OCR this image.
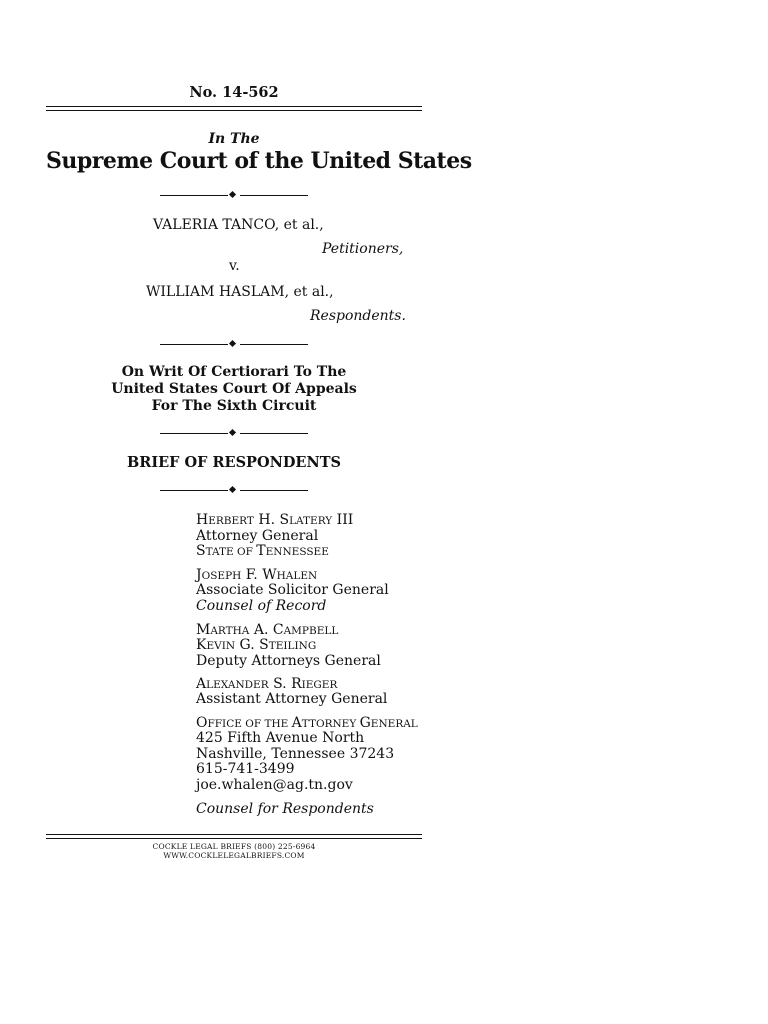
No. 14-562
In The
Supreme Court of the United States
VALERIA TANCO, et al.,
Petitioners,
v.
WILLIAM HASLAM, et al.,
Respondents.
On Writ Of Certiorari To The
United States Court Of Appeals
For The Sixth Circuit
BRIEF OF RESPONDENTS
HERBERT H. SLATERY III
Attorney General
STATE OF TENNESSEE
JOSEPH F. WHALEN
Associate Solicitor General
Counsel of Record
MARTHA A. CAMPBELL
KEVIN G. STEILING
Deputy Attorneys General
ALEXANDER S. RIEGER
Assistant Attorney General
OFFICE OF THE ATTORNEY GENERAL
425 Fifth Avenue North
Nashville, Tennessee 37243
615-741-3499
joe.whalen@ag.tn.gov
Counsel for Respondents
COCKLE LEGAL BRIEFS (800) 225-6964
WWW.COCKLELEGALBRIEFS.COM
